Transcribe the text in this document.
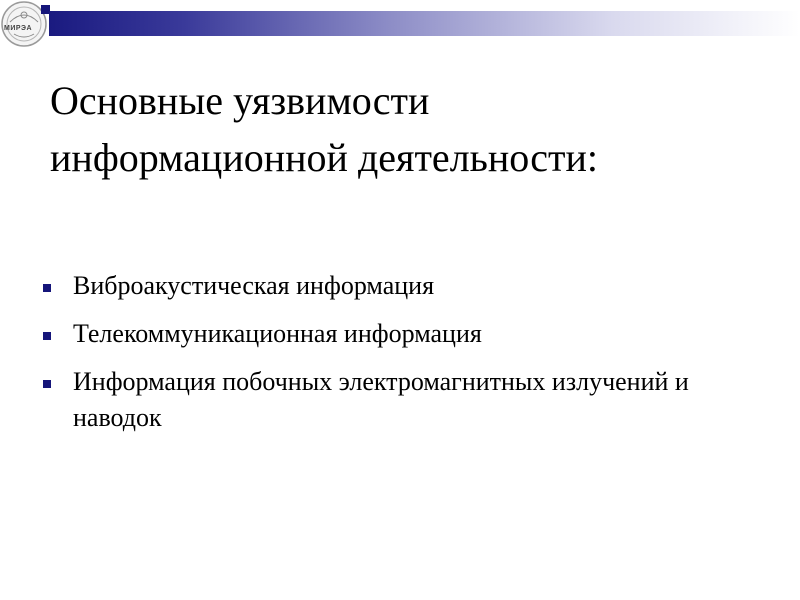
МИРЭА
Основные уязвимости
информационной деятельности:
Виброакустическая информация
Телекоммуникационная информация
Информация побочных электромагнитных излучений и наводок
